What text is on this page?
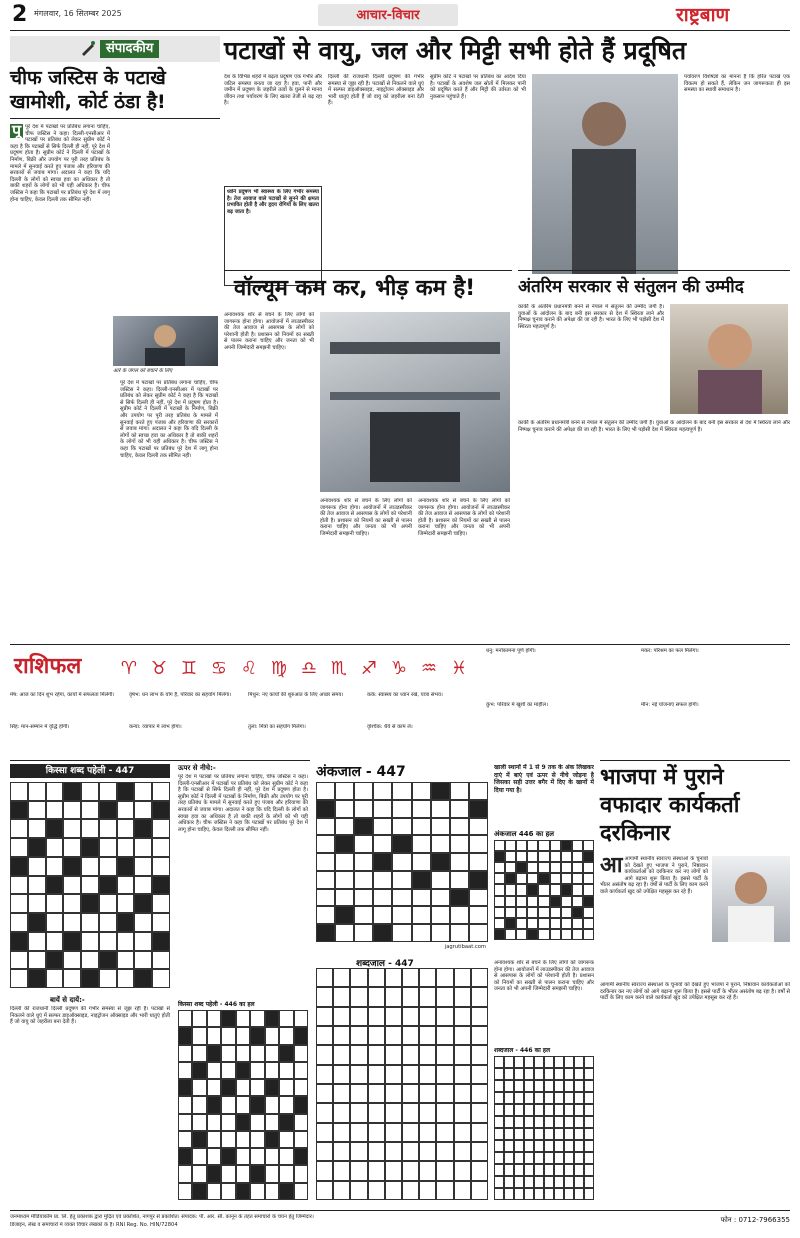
2 मंगलवार, 16 सितम्बर 2025	आचार-विचार	राष्ट्रबाण
संपादकीय
चीफ जस्टिस के पटाखे खामोशी, कोर्ट ठंडा है!
पू पूरे देश में पटाखों पर प्रतिबंध लगाना चाहिए, चीफ जस्टिस ने कहा। दिल्ली-एनसीआर में पटाखों पर प्रतिबंध को लेकर सुप्रीम कोर्ट ने कहा है कि पटाखों से सिर्फ दिल्ली ही नहीं, पूरे देश में प्रदूषण होता है। सुप्रीम कोर्ट ने दिल्ली में पटाखों के निर्माण, बिक्री और उपयोग पर पूरी तरह प्रतिबंध के मामले में सुनवाई करते हुए पंजाब और हरियाणा की सरकारों से जवाब मांगा। अदालत ने कहा कि यदि दिल्ली के लोगों को स्वच्छ हवा का अधिकार है तो बाकी शहरों के लोगों को भी यही अधिकार है। चीफ जस्टिस ने कहा कि पटाखों पर प्रतिबंध पूरे देश में लागू होना चाहिए, केवल दिल्ली तक सीमित नहीं।
आरे के जंगल को बचाने के लिए
पूरे देश में पटाखों पर प्रतिबंध लगाना चाहिए, चीफ जस्टिस ने कहा। दिल्ली-एनसीआर में पटाखों पर प्रतिबंध को लेकर सुप्रीम कोर्ट ने कहा है कि पटाखों से सिर्फ दिल्ली ही नहीं, पूरे देश में प्रदूषण होता है। सुप्रीम कोर्ट ने दिल्ली में पटाखों के निर्माण, बिक्री और उपयोग पर पूरी तरह प्रतिबंध के मामले में सुनवाई करते हुए पंजाब और हरियाणा की सरकारों से जवाब मांगा। अदालत ने कहा कि यदि दिल्ली के लोगों को स्वच्छ हवा का अधिकार है तो बाकी शहरों के लोगों को भी यही अधिकार है। चीफ जस्टिस ने कहा कि पटाखों पर प्रतिबंध पूरे देश में लागू होना चाहिए, केवल दिल्ली तक सीमित नहीं।
पटाखों से वायु, जल और मिट्टी सभी होते हैं प्रदूषित
देश के विभिन्न शहरों में बढ़ता प्रदूषण एक गंभीर और जटिल समस्या बनता जा रहा है। हवा, पानी और जमीन में प्रदूषण के जहरीले तत्वों के घुलने से मानव जीवन तथा पर्यावरण के लिए खतरा तेजी से बढ़ रहा है।
ध्वनि प्रदूषण भी स्वास्थ्य के लिए गंभीर समस्या है। तेज आवाज वाले पटाखों से सुनने की क्षमता प्रभावित होती है और हृदय रोगियों के लिए खतरा बढ़ जाता है।
दिल्ली की राजधानी दिल्ली प्रदूषण की गंभीर समस्या से जूझ रही है। पटाखों से निकलने वाले धुएं में सल्फर डाइऑक्साइड, नाइट्रोजन ऑक्साइड और भारी धातुएं होती हैं जो वायु को जहरीला बना देती हैं।
सुप्रीम कोर्ट ने पटाखों पर प्रतिबंध का आदेश दिया है। पटाखों के अवशेष जल स्रोतों में मिलकर पानी को प्रदूषित करते हैं और मिट्टी की उर्वरता को भी नुकसान पहुंचाते हैं।
पर्यावरण विशेषज्ञों का मानना है कि हरित पटाखे एक विकल्प हो सकते हैं, लेकिन जन जागरूकता ही इस समस्या का स्थायी समाधान है।
वॉल्यूम कम कर, भीड़ कम है!
अनावश्यक शोर से बचने के लिए लोगों को जागरूक होना होगा। आयोजनों में लाउडस्पीकर की तेज आवाज से आसपास के लोगों को परेशानी होती है। प्रशासन को नियमों का सख्ती से पालन कराना चाहिए और जनता को भी अपनी जिम्मेदारी समझनी चाहिए।
अनावश्यक शोर से बचने के लिए लोगों को जागरूक होना होगा। आयोजनों में लाउडस्पीकर की तेज आवाज से आसपास के लोगों को परेशानी होती है। प्रशासन को नियमों का सख्ती से पालन कराना चाहिए और जनता को भी अपनी जिम्मेदारी समझनी चाहिए।
अनावश्यक शोर से बचने के लिए लोगों को जागरूक होना होगा। आयोजनों में लाउडस्पीकर की तेज आवाज से आसपास के लोगों को परेशानी होती है। प्रशासन को नियमों का सख्ती से पालन कराना चाहिए और जनता को भी अपनी जिम्मेदारी समझनी चाहिए।
अंतरिम सरकार से संतुलन की उम्मीद
कार्की के अंतरिम प्रधानमंत्री बनने से नेपाल में संतुलन की उम्मीद जगी है। युवाओं के आंदोलन के बाद बनी इस सरकार से देश में स्थिरता लाने और निष्पक्ष चुनाव कराने की अपेक्षा की जा रही है। भारत के लिए भी पड़ोसी देश में स्थिरता महत्वपूर्ण है।
कार्की के अंतरिम प्रधानमंत्री बनने से नेपाल में संतुलन की उम्मीद जगी है। युवाओं के आंदोलन के बाद बनी इस सरकार से देश में स्थिरता लाने और निष्पक्ष चुनाव कराने की अपेक्षा की जा रही है। भारत के लिए भी पड़ोसी देश में स्थिरता महत्वपूर्ण है।
राशिफल ♈ ♉ ♊ ♋ ♌ ♍ ♎ ♏ ♐ ♑ ♒ ♓
मेष: आज का दिन शुभ रहेगा, कार्यों में सफलता मिलेगी।	वृषभ: धन लाभ के योग हैं, परिवार का सहयोग मिलेगा।	मिथुन: नए कार्यों की शुरुआत के लिए अच्छा समय।	कर्क: स्वास्थ्य का ध्यान रखें, यात्रा संभव।
सिंह: मान-सम्मान में वृद्धि होगी।	कन्या: व्यापार में लाभ होगा।	तुला: मित्रों का सहयोग मिलेगा।	वृश्चिक: धैर्य से काम लें।
धनु: मनोकामना पूर्ण होगी।	मकर: परिश्रम का फल मिलेगा।
कुंभ: परिवार में खुशी का माहौल।	मीन: नई योजनाएं सफल होंगी।
किस्सा शब्द पहेली - 447	ऊपर से नीचे:-
पूरे देश में पटाखों पर प्रतिबंध लगाना चाहिए, चीफ जस्टिस ने कहा। दिल्ली-एनसीआर में पटाखों पर प्रतिबंध को लेकर सुप्रीम कोर्ट ने कहा है कि पटाखों से सिर्फ दिल्ली ही नहीं, पूरे देश में प्रदूषण होता है। सुप्रीम कोर्ट ने दिल्ली में पटाखों के निर्माण, बिक्री और उपयोग पर पूरी तरह प्रतिबंध के मामले में सुनवाई करते हुए पंजाब और हरियाणा की सरकारों से जवाब मांगा। अदालत ने कहा कि यदि दिल्ली के लोगों को स्वच्छ हवा का अधिकार है तो बाकी शहरों के लोगों को भी यही अधिकार है। चीफ जस्टिस ने कहा कि पटाखों पर प्रतिबंध पूरे देश में लागू होना चाहिए, केवल दिल्ली तक सीमित नहीं।
बायें से दायें:-
दिल्ली की राजधानी दिल्ली प्रदूषण की गंभीर समस्या से जूझ रही है। पटाखों से निकलने वाले धुएं में सल्फर डाइऑक्साइड, नाइट्रोजन ऑक्साइड और भारी धातुएं होती हैं जो वायु को जहरीला बना देती हैं।
किस्सा शब्द पहेली - 446 का हल
अंकजाल - 447
jagrutibaat.com
शब्दजाल - 447
खाली स्थानों में 1 से 9 तक के अंक लिखकर दाएं में बाएं एवं ऊपर से नीचे जोड़ना है जिसका सही उत्तर बगैर में दिए के खानों में दिया गया है।
अंकजाल 446 का हल
अनावश्यक शोर से बचने के लिए लोगों को जागरूक होना होगा। आयोजनों में लाउडस्पीकर की तेज आवाज से आसपास के लोगों को परेशानी होती है। प्रशासन को नियमों का सख्ती से पालन कराना चाहिए और जनता को भी अपनी जिम्मेदारी समझनी चाहिए।
शब्दजाल - 446 का हल
भाजपा में पुराने वफादार कार्यकर्ता दरकिनार
आ आगामी स्थानीय स्वराज्य संस्थाओं के चुनावों को देखते हुए भाजपा ने पुराने, निष्ठावान कार्यकर्ताओं को दरकिनार कर नए लोगों को आगे बढ़ाना शुरू किया है। इससे पार्टी के भीतर असंतोष बढ़ रहा है। वर्षों से पार्टी के लिए काम करने वाले कार्यकर्ता खुद को उपेक्षित महसूस कर रहे हैं।
आगामी स्थानीय स्वराज्य संस्थाओं के चुनावों को देखते हुए भाजपा ने पुराने, निष्ठावान कार्यकर्ताओं को दरकिनार कर नए लोगों को आगे बढ़ाना शुरू किया है। इससे पार्टी के भीतर असंतोष बढ़ रहा है। वर्षों से पार्टी के लिए काम करने वाले कार्यकर्ता खुद को उपेक्षित महसूस कर रहे हैं।
जनमाध्यम मीडियाकॉम प्रा. लि. हेतु प्रकाशक द्वारा मुद्रित एवं प्रकाशित, नागपुर से प्रकाशित। संपादक: पी. आर. सी. कानून के तहत समाचारों के चयन हेतु जिम्मेदार।
डिजाइन, लेख व समाचारों में व्यक्त विचार लेखकों के हैं। RNI Reg. No. HIN/72804
फोन : 0712-7966355
